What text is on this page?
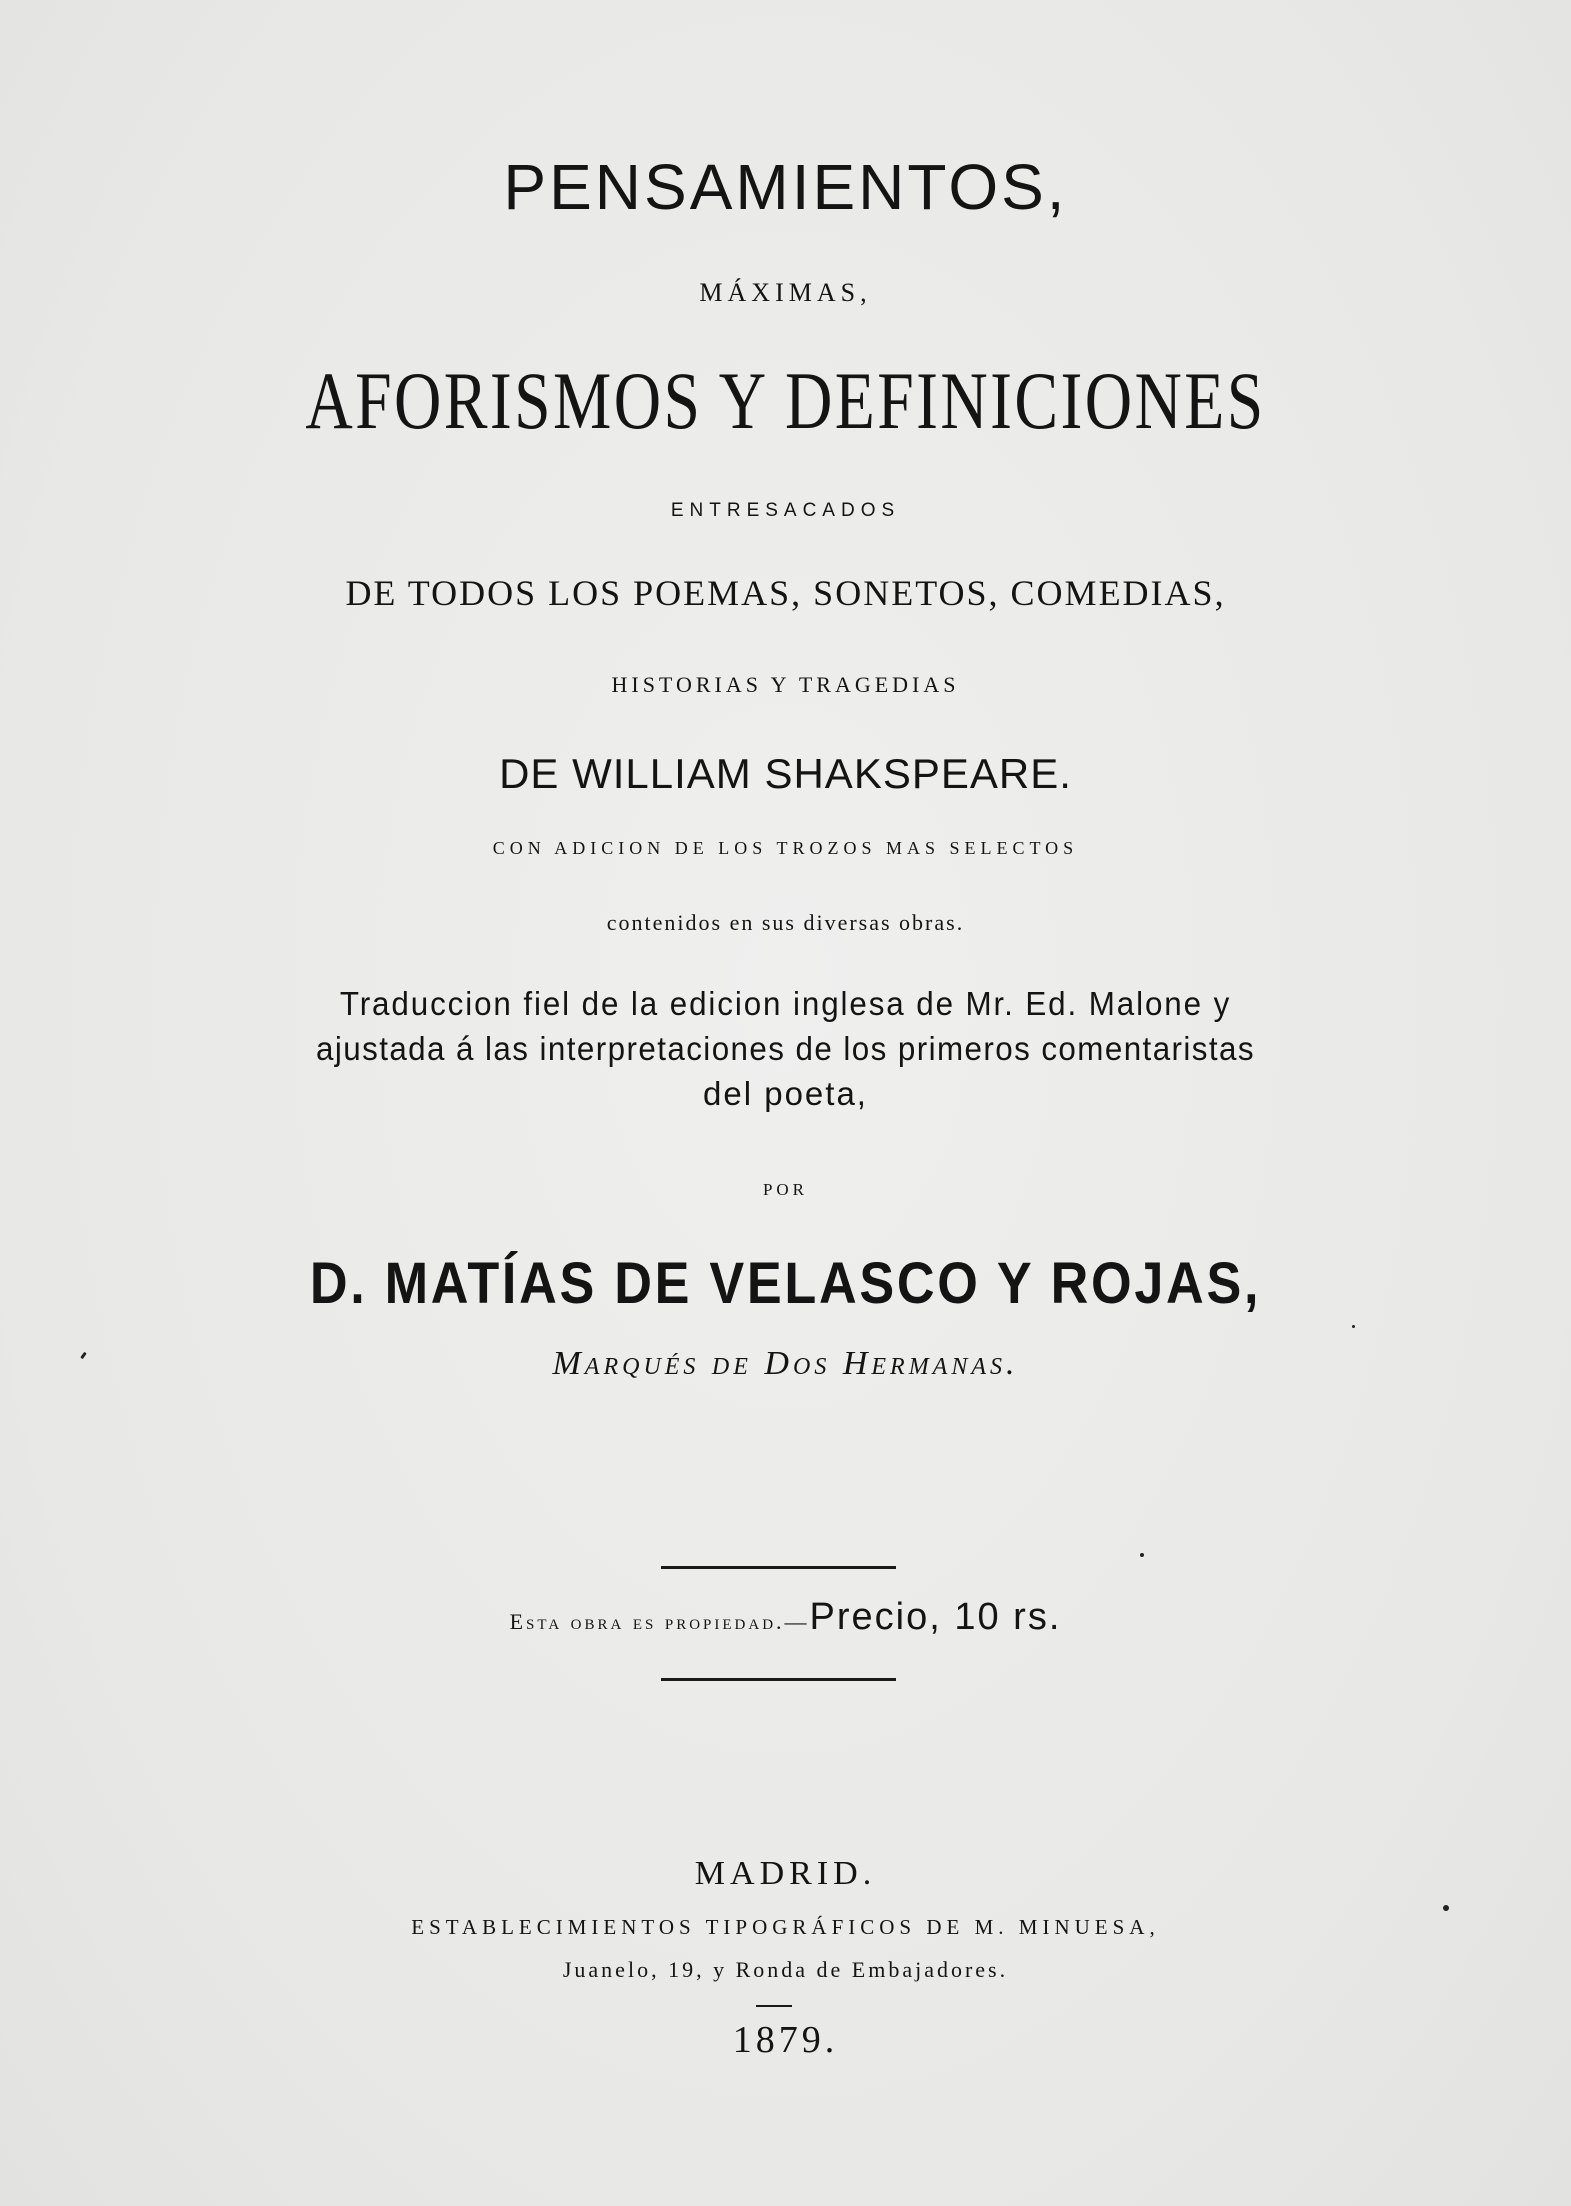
PENSAMIENTOS,
MÁXIMAS,
AFORISMOS Y DEFINICIONES
ENTRESACADOS
DE TODOS LOS POEMAS, SONETOS, COMEDIAS,
HISTORIAS Y TRAGEDIAS
DE WILLIAM SHAKSPEARE.
CON ADICION DE LOS TROZOS MAS SELECTOS
contenidos en sus diversas obras.
Traduccion fiel de la edicion inglesa de Mr. Ed. Malone y
ajustada á las interpretaciones de los primeros comentaristas
del poeta,
POR
D. MATÍAS DE VELASCO Y ROJAS,
Marqués de Dos Hermanas.
Esta obra es propiedad.—Precio, 10 rs.
MADRID.
ESTABLECIMIENTOS TIPOGRÁFICOS DE M. MINUESA,
Juanelo, 19, y Ronda de Embajadores.
1879.
